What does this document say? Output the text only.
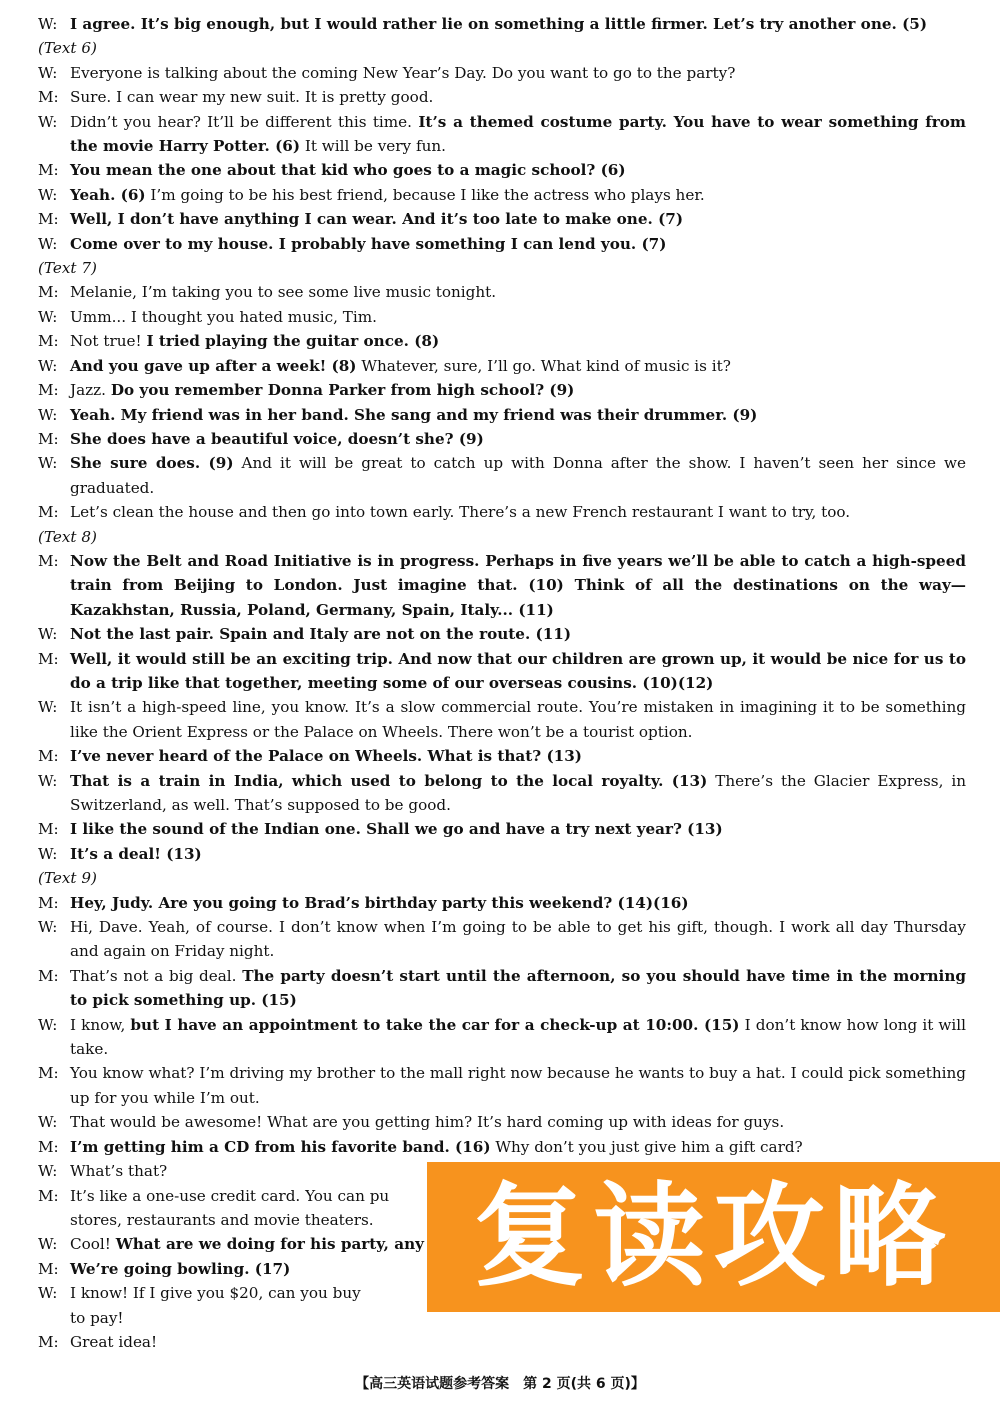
W: I agree. It’s big enough, but I would rather lie on something a little firmer. Let’s try another one. (5)
(Text 6)
W: Everyone is talking about the coming New Year’s Day. Do you want to go to the party?
M: Sure. I can wear my new suit. It is pretty good.
W: Didn’t you hear? It’ll be different this time. It’s a themed costume party. You have to wear something from the movie Harry Potter. (6) It will be very fun.
M: You mean the one about that kid who goes to a magic school? (6)
W: Yeah. (6) I’m going to be his best friend, because I like the actress who plays her.
M: Well, I don’t have anything I can wear. And it’s too late to make one. (7)
W: Come over to my house. I probably have something I can lend you. (7)
(Text 7)
M: Melanie, I’m taking you to see some live music tonight.
W: Umm... I thought you hated music, Tim.
M: Not true! I tried playing the guitar once. (8)
W: And you gave up after a week! (8) Whatever, sure, I’ll go. What kind of music is it?
M: Jazz. Do you remember Donna Parker from high school? (9)
W: Yeah. My friend was in her band. She sang and my friend was their drummer. (9)
M: She does have a beautiful voice, doesn’t she? (9)
W: She sure does. (9) And it will be great to catch up with Donna after the show. I haven’t seen her since we graduated.
M: Let’s clean the house and then go into town early. There’s a new French restaurant I want to try, too.
(Text 8)
M: Now the Belt and Road Initiative is in progress. Perhaps in five years we’ll be able to catch a high-speed train from Beijing to London. Just imagine that. (10) Think of all the destinations on the way—Kazakhstan, Russia, Poland, Germany, Spain, Italy... (11)
W: Not the last pair. Spain and Italy are not on the route. (11)
M: Well, it would still be an exciting trip. And now that our children are grown up, it would be nice for us to do a trip like that together, meeting some of our overseas cousins. (10)(12)
W: It isn’t a high-speed line, you know. It’s a slow commercial route. You’re mistaken in imagining it to be something like the Orient Express or the Palace on Wheels. There won’t be a tourist option.
M: I’ve never heard of the Palace on Wheels. What is that? (13)
W: That is a train in India, which used to belong to the local royalty. (13) There’s the Glacier Express, in Switzerland, as well. That’s supposed to be good.
M: I like the sound of the Indian one. Shall we go and have a try next year? (13)
W: It’s a deal! (13)
(Text 9)
M: Hey, Judy. Are you going to Brad’s birthday party this weekend? (14)(16)
W: Hi, Dave. Yeah, of course. I don’t know when I’m going to be able to get his gift, though. I work all day Thursday and again on Friday night.
M: That’s not a big deal. The party doesn’t start until the afternoon, so you should have time in the morning to pick something up. (15)
W: I know, but I have an appointment to take the car for a check-up at 10:00. (15) I don’t know how long it will take.
M: You know what? I’m driving my brother to the mall right now because he wants to buy a hat. I could pick something up for you while I’m out.
W: That would be awesome! What are you getting him? It’s hard coming up with ideas for guys.
M: I’m getting him a CD from his favorite band. (16) Why don’t you just give him a gift card?
W: What’s that?
M: It’s like a one-use credit card. You can pu
stores, restaurants and movie theaters.
W: Cool! What are we doing for his party, any
M: We’re going bowling. (17)
W: I know! If I give you $20, can you buy
to pay!
M: Great idea!
复读攻略
【高三英语试题参考答案　第 2 页(共 6 页)】
